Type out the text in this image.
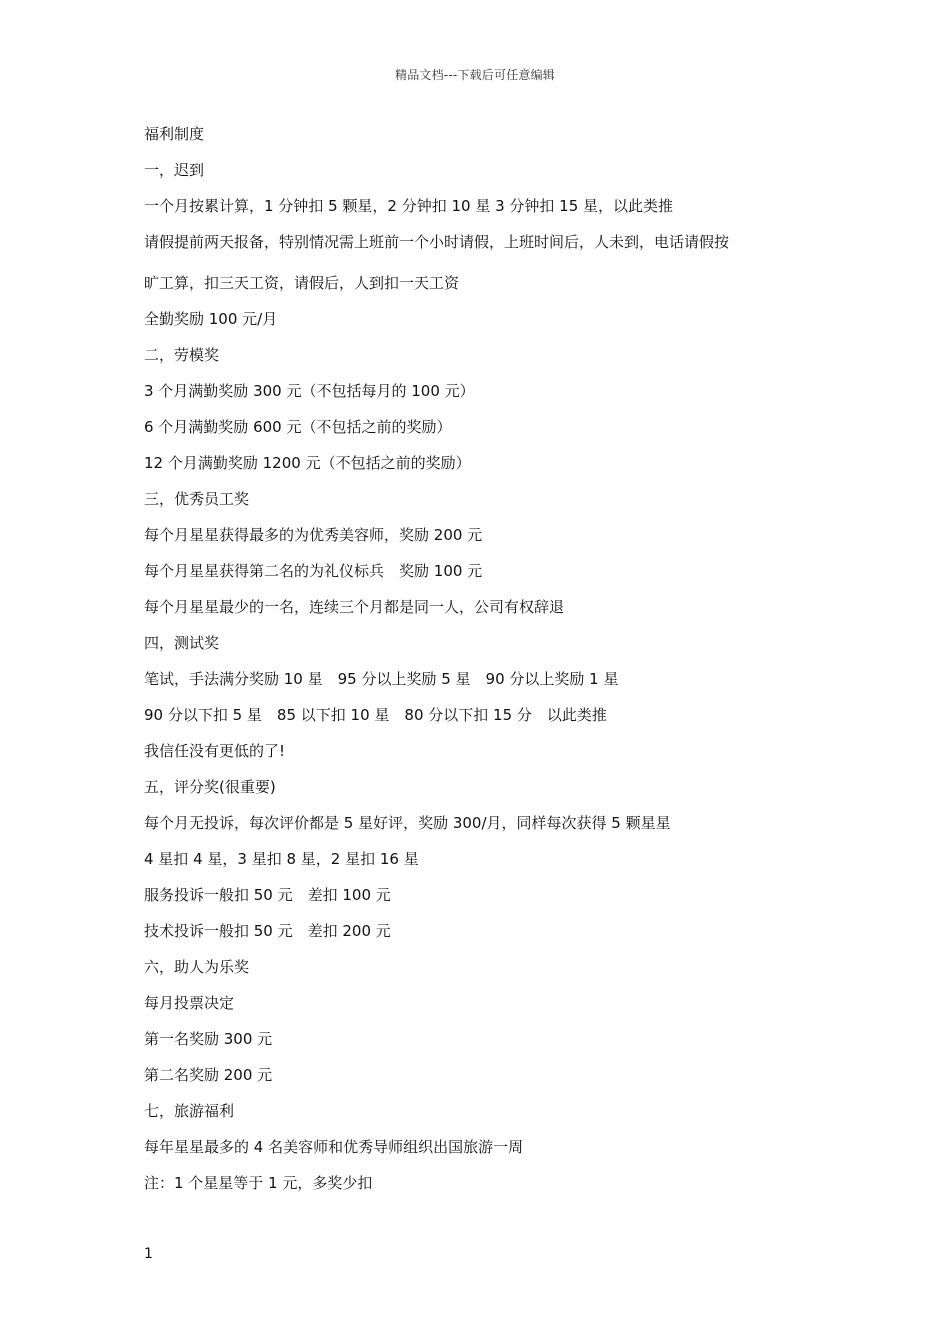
精品文档---下载后可任意编辑

福利制度

一，迟到

一个月按累计算，1 分钟扣 5 颗星，2 分钟扣 10 星 3 分钟扣 15 星，以此类推

请假提前两天报备，特别情况需上班前一个小时请假，上班时间后，人未到，电话请假按

旷工算，扣三天工资，请假后，人到扣一天工资

全勤奖励 100 元/月

二，劳模奖

3 个月满勤奖励 300 元（不包括每月的 100 元）

6 个月满勤奖励 600 元（不包括之前的奖励）

12 个月满勤奖励 1200 元（不包括之前的奖励）

三，优秀员工奖

每个月星星获得最多的为优秀美容师，奖励 200 元

每个月星星获得第二名的为礼仪标兵　奖励 100 元

每个月星星最少的一名，连续三个月都是同一人，公司有权辞退

四，测试奖

笔试，手法满分奖励 10 星　95 分以上奖励 5 星　90 分以上奖励 1 星

90 分以下扣 5 星　85 以下扣 10 星　80 分以下扣 15 分　以此类推

我信任没有更低的了!

五，评分奖(很重要)

每个月无投诉，每次评价都是 5 星好评，奖励 300/月，同样每次获得 5 颗星星

4 星扣 4 星，3 星扣 8 星，2 星扣 16 星

服务投诉一般扣 50 元　差扣 100 元

技术投诉一般扣 50 元　差扣 200 元

六，助人为乐奖

每月投票决定

第一名奖励 300 元

第二名奖励 200 元

七，旅游福利

每年星星最多的 4 名美容师和优秀导师组织出国旅游一周

注：1 个星星等于 1 元，多奖少扣

1
